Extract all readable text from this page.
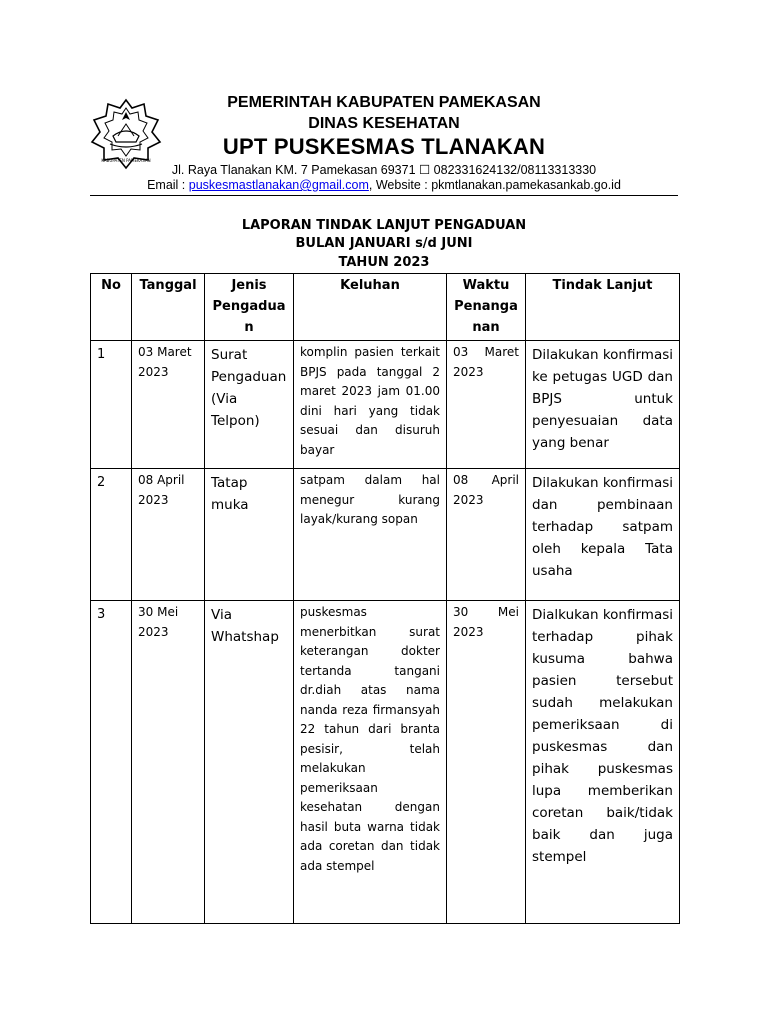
KABUPATEN PAMEKASAN
PEMERINTAH KABUPATEN PAMEKASAN
DINAS KESEHATAN
UPT PUSKESMAS TLANAKAN
Jl. Raya Tlanakan KM. 7 Pamekasan 69371 ☐ 082331624132/08113313330
Email : puskesmastlanakan@gmail.com, Website : pkmtlanakan.pamekasankab.go.id
LAPORAN TINDAK LANJUT PENGADUAN
BULAN JANUARI s/d JUNI
TAHUN 2023
No	Tanggal	Jenis Pengadua n	Keluhan	Waktu Penanga nan	Tindak Lanjut
1	03 Maret 2023	Surat Pengaduan (Via Telpon)	komplin pasien terkait BPJS pada tanggal 2 maret 2023 jam 01.00 dini hari yang tidak sesuai dan disuruh bayar	03 Maret 2023	Dilakukan konfirmasi ke petugas UGD dan BPJS untuk penyesuaian data yang benar
2	08 April 2023	Tatap muka	satpam dalam hal menegur kurang layak/kurang sopan	08 April 2023	Dilakukan konfirmasi dan pembinaan terhadap satpam oleh kepala Tata usaha
3	30 Mei 2023	Via Whatshap	puskesmas menerbitkan surat keterangan dokter tertanda tangani dr.diah atas nama nanda reza firmansyah 22 tahun dari branta pesisir, telah melakukan pemeriksaan kesehatan dengan hasil buta warna tidak ada coretan dan tidak ada stempel	30 Mei 2023	Dialkukan konfirmasi terhadap pihak kusuma bahwa pasien tersebut sudah melakukan pemeriksaan di puskesmas dan pihak puskesmas lupa memberikan coretan baik/tidak baik dan juga stempel
